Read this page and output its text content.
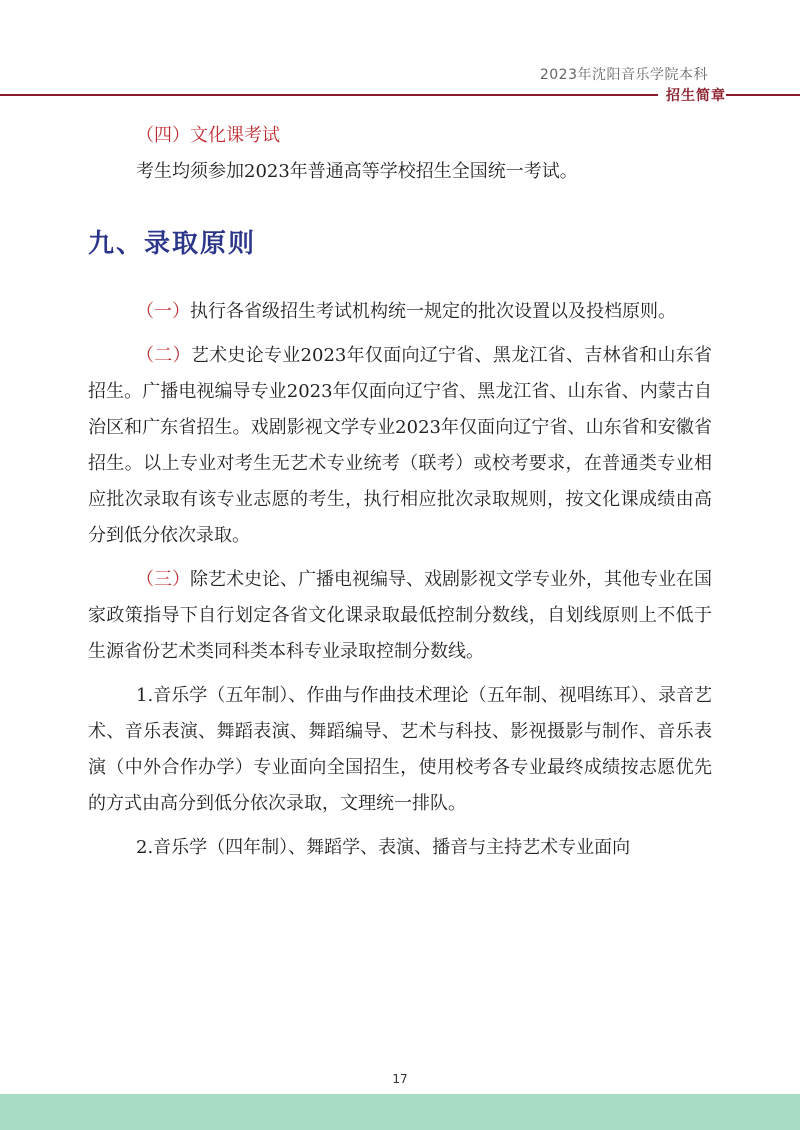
2023年沈阳音乐学院本科
招生简章

（四）文化课考试

考生均须参加2023年普通高等学校招生全国统一考试。

九、录取原则

（一）执行各省级招生考试机构统一规定的批次设置以及投档原则。

（二）艺术史论专业2023年仅面向辽宁省、黑龙江省、吉林省和山东省招生。广播电视编导专业2023年仅面向辽宁省、黑龙江省、山东省、内蒙古自治区和广东省招生。戏剧影视文学专业2023年仅面向辽宁省、山东省和安徽省招生。以上专业对考生无艺术专业统考（联考）或校考要求，在普通类专业相应批次录取有该专业志愿的考生，执行相应批次录取规则，按文化课成绩由高分到低分依次录取。

（三）除艺术史论、广播电视编导、戏剧影视文学专业外，其他专业在国家政策指导下自行划定各省文化课录取最低控制分数线，自划线原则上不低于生源省份艺术类同科类本科专业录取控制分数线。

1.音乐学（五年制）、作曲与作曲技术理论（五年制、视唱练耳）、录音艺术、音乐表演、舞蹈表演、舞蹈编导、艺术与科技、影视摄影与制作、音乐表演（中外合作办学）专业面向全国招生，使用校考各专业最终成绩按志愿优先的方式由高分到低分依次录取，文理统一排队。

2.音乐学（四年制）、舞蹈学、表演、播音与主持艺术专业面向

17
